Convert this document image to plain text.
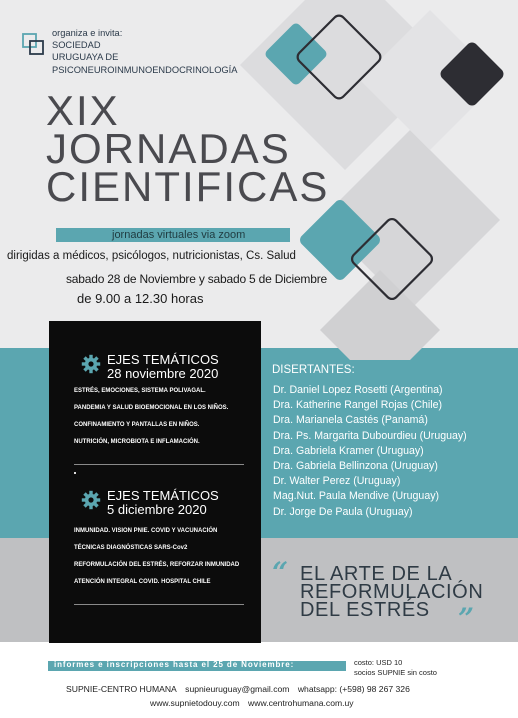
organiza e invita:
SOCIEDAD
URUGUAYA DE
PSICONEUROINMUNOENDOCRINOLOGÍA
XIX
JORNADAS
CIENTIFICAS
jornadas virtuales via zoom
dirigidas a médicos, psicólogos, nutricionistas, Cs. Salud
sabado 28 de Noviembre y sabado 5 de Diciembre
de 9.00 a 12.30 horas
EJES TEMÁTICOS
28 noviembre 2020
ESTRÉS, EMOCIONES, SISTEMA POLIVAGAL.
PANDEMIA Y SALUD BIOEMOCIONAL EN LOS NIÑOS.
CONFINAMIENTO Y PANTALLAS EN NIÑOS.
NUTRICIÓN, MICROBIOTA E INFLAMACIÓN.
EJES TEMÁTICOS
5 diciembre 2020
INMUNIDAD. VISION PNIE. COVID Y VACUNACIÓN
TÉCNICAS DIAGNÓSTICAS SARS-Cov2
REFORMULACIÓN DEL ESTRÉS, REFORZAR INMUNIDAD
ATENCIÓN INTEGRAL COVID. HOSPITAL CHILE
DISERTANTES:
Dr. Daniel Lopez Rosetti (Argentina)
Dra. Katherine Rangel Rojas (Chile)
Dra. Marianela Castés (Panamá)
Dra. Ps. Margarita Dubourdieu (Uruguay)
Dra. Gabriela Kramer (Uruguay)
Dra. Gabriela Bellinzona (Uruguay)
Dr. Walter Perez (Uruguay)
Mag.Nut. Paula Mendive (Uruguay)
Dr. Jorge De Paula (Uruguay)
“ EL ARTE DE LA
REFORMULACIÓN
DEL ESTRÉS	”
informes e inscripciones hasta el 25 de Noviembre:	costo: USD 10
socios SUPNIE sin costo
SUPNIE-CENTRO HUMANA supnieuruguay@gmail.com whatsapp: (+598) 98 267 326
www.supnietodouy.com www.centrohumana.com.uy
